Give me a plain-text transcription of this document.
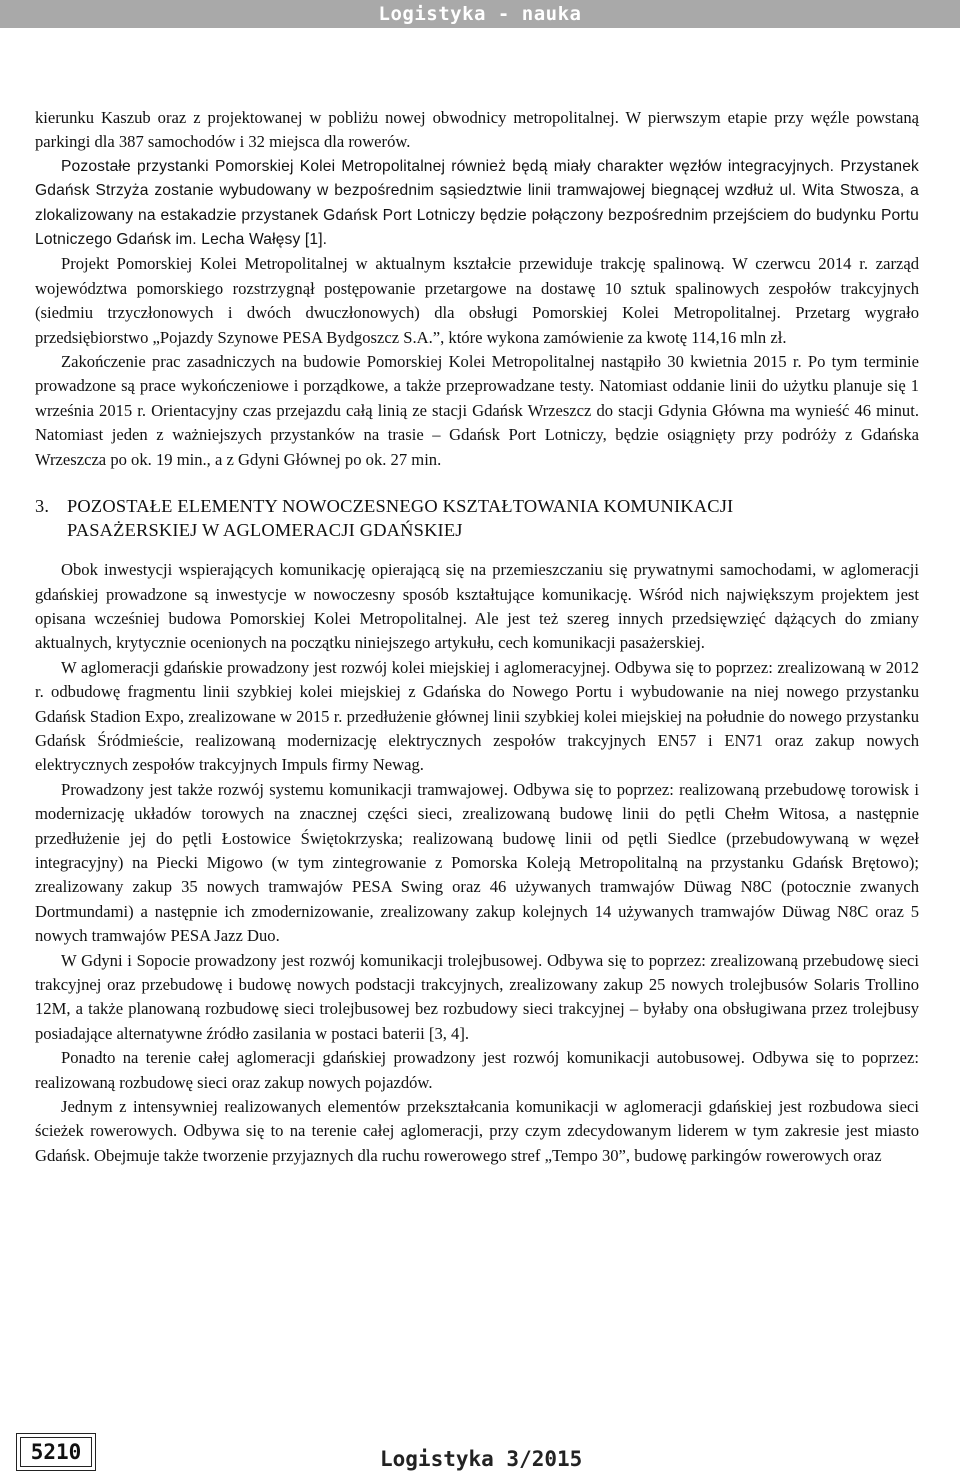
Logistyka - nauka

kierunku Kaszub oraz z projektowanej w pobliżu nowej obwodnicy metropolitalnej. W pierwszym etapie przy węźle powstaną parkingi dla 387 samochodów i 32 miejsca dla rowerów.

Pozostałe przystanki Pomorskiej Kolei Metropolitalnej również będą miały charakter węzłów integracyjnych. Przystanek Gdańsk Strzyża zostanie wybudowany w bezpośrednim sąsiedztwie linii tramwajowej biegnącej wzdłuż ul. Wita Stwosza, a zlokalizowany na estakadzie przystanek Gdańsk Port Lotniczy będzie połączony bezpośrednim przejściem do budynku Portu Lotniczego Gdańsk im. Lecha Wałęsy [1].

Projekt Pomorskiej Kolei Metropolitalnej w aktualnym kształcie przewiduje trakcję spalinową. W czerwcu 2014 r. zarząd województwa pomorskiego rozstrzygnął postępowanie przetargowe na dostawę 10 sztuk spalinowych zespołów trakcyjnych (siedmiu trzyczłonowych i dwóch dwuczłonowych) dla obsługi Pomorskiej Kolei Metropolitalnej. Przetarg wygrało przedsiębiorstwo „Pojazdy Szynowe PESA Bydgoszcz S.A.”, które wykona zamówienie za kwotę 114,16 mln zł.

Zakończenie prac zasadniczych na budowie Pomorskiej Kolei Metropolitalnej nastąpiło 30 kwietnia 2015 r. Po tym terminie prowadzone są prace wykończeniowe i porządkowe, a także przeprowadzane testy. Natomiast oddanie linii do użytku planuje się 1 września 2015 r. Orientacyjny czas przejazdu całą linią ze stacji Gdańsk Wrzeszcz do stacji Gdynia Główna ma wynieść 46 minut. Natomiast jeden z ważniejszych przystanków na trasie – Gdańsk Port Lotniczy, będzie osiągnięty przy podróży z Gdańska Wrzeszcza po ok. 19 min., a z Gdyni Głównej po ok. 27 min.

3. POZOSTAŁE ELEMENTY NOWOCZESNEGO KSZTAŁTOWANIA KOMUNIKACJI
PASAŻERSKIEJ W AGLOMERACJI GDAŃSKIEJ

Obok inwestycji wspierających komunikację opierającą się na przemieszczaniu się prywatnymi samochodami, w aglomeracji gdańskiej prowadzone są inwestycje w nowoczesny sposób kształtujące komunikację. Wśród nich największym projektem jest opisana wcześniej budowa Pomorskiej Kolei Metropolitalnej. Ale jest też szereg innych przedsięwzięć dążących do zmiany aktualnych, krytycznie ocenionych na początku niniejszego artykułu, cech komunikacji pasażerskiej.

W aglomeracji gdańskie prowadzony jest rozwój kolei miejskiej i aglomeracyjnej. Odbywa się to poprzez: zrealizowaną w 2012 r. odbudowę fragmentu linii szybkiej kolei miejskiej z Gdańska do Nowego Portu i wybudowanie na niej nowego przystanku Gdańsk Stadion Expo, zrealizowane w 2015 r. przedłużenie głównej linii szybkiej kolei miejskiej na południe do nowego przystanku Gdańsk Śródmieście, realizowaną modernizację elektrycznych zespołów trakcyjnych EN57 i EN71 oraz zakup nowych elektrycznych zespołów trakcyjnych Impuls firmy Newag.

Prowadzony jest także rozwój systemu komunikacji tramwajowej. Odbywa się to poprzez: realizowaną przebudowę torowisk i modernizację układów torowych na znacznej części sieci, zrealizowaną budowę linii do pętli Chełm Witosa, a następnie przedłużenie jej do pętli Łostowice Świętokrzyska; realizowaną budowę linii od pętli Siedlce (przebudowywaną w węzeł integracyjny) na Piecki Migowo (w tym zintegrowanie z Pomorska Koleją Metropolitalną na przystanku Gdańsk Brętowo); zrealizowany zakup 35 nowych tramwajów PESA Swing oraz 46 używanych tramwajów Düwag N8C (potocznie zwanych Dortmundami) a następnie ich zmodernizowanie, zrealizowany zakup kolejnych 14 używanych tramwajów Düwag N8C oraz 5 nowych tramwajów PESA Jazz Duo.

W Gdyni i Sopocie prowadzony jest rozwój komunikacji trolejbusowej. Odbywa się to poprzez: zrealizowaną przebudowę sieci trakcyjnej oraz przebudowę i budowę nowych podstacji trakcyjnych, zrealizowany zakup 25 nowych trolejbusów Solaris Trollino 12M, a także planowaną rozbudowę sieci trolejbusowej bez rozbudowy sieci trakcyjnej – byłaby ona obsługiwana przez trolejbusy posiadające alternatywne źródło zasilania w postaci baterii [3, 4].

Ponadto na terenie całej aglomeracji gdańskiej prowadzony jest rozwój komunikacji autobusowej. Odbywa się to poprzez: realizowaną rozbudowę sieci oraz zakup nowych pojazdów.

Jednym z intensywniej realizowanych elementów przekształcania komunikacji w aglomeracji gdańskiej jest rozbudowa sieci ścieżek rowerowych. Odbywa się to na terenie całej aglomeracji, przy czym zdecydowanym liderem w tym zakresie jest miasto Gdańsk. Obejmuje także tworzenie przyjaznych dla ruchu rowerowego stref „Tempo 30”, budowę parkingów rowerowych oraz

5210	Logistyka 3/2015
